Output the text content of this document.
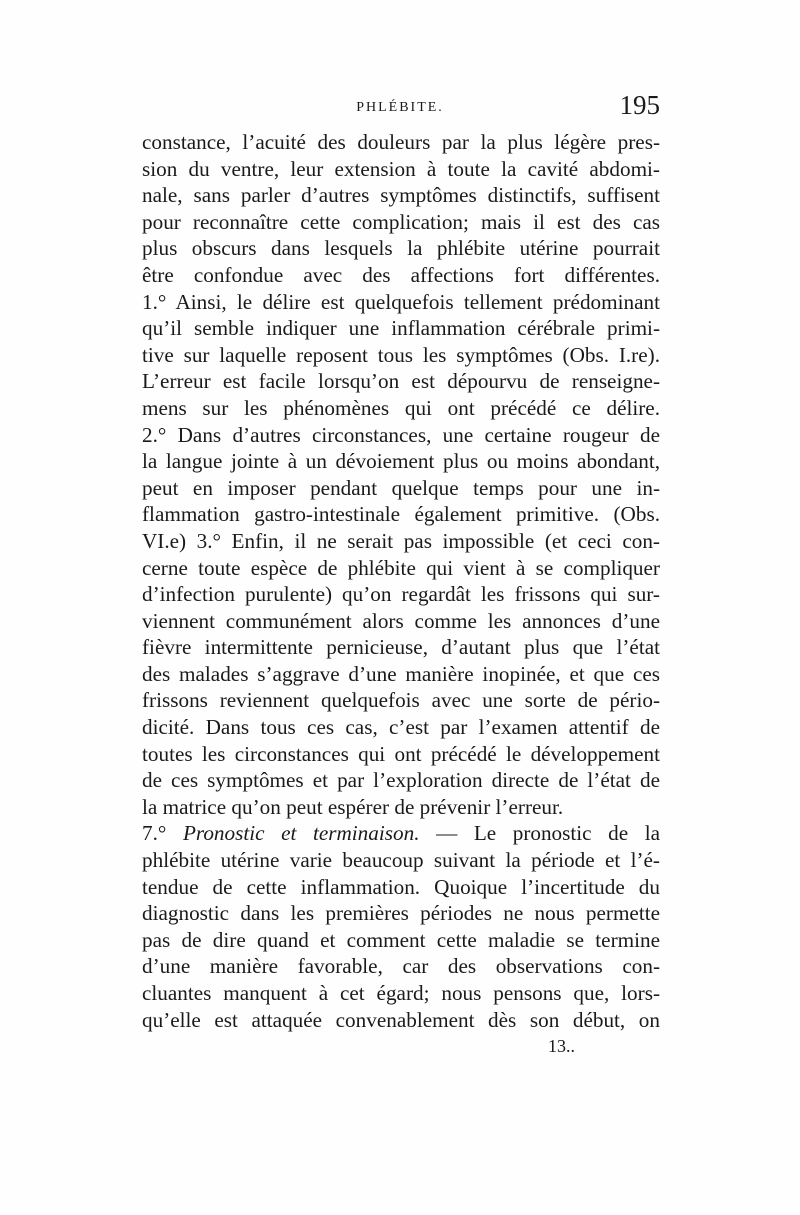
PHLÉBITE.	195
constance, l’acuité des douleurs par la plus légère pres-
sion du ventre, leur extension à toute la cavité abdomi-
nale, sans parler d’autres symptômes distinctifs, suffisent
pour reconnaître cette complication; mais il est des cas
plus obscurs dans lesquels la phlébite utérine pourrait
être confondue avec des affections fort différentes.
1.° Ainsi, le délire est quelquefois tellement prédominant
qu’il semble indiquer une inflammation cérébrale primi-
tive sur laquelle reposent tous les symptômes (Obs. I.re).
L’erreur est facile lorsqu’on est dépourvu de renseigne-
mens sur les phénomènes qui ont précédé ce délire.
2.° Dans d’autres circonstances, une certaine rougeur de
la langue jointe à un dévoiement plus ou moins abondant,
peut en imposer pendant quelque temps pour une in-
flammation gastro-intestinale également primitive. (Obs.
VI.e) 3.° Enfin, il ne serait pas impossible (et ceci con-
cerne toute espèce de phlébite qui vient à se compliquer
d’infection purulente) qu’on regardât les frissons qui sur-
viennent communément alors comme les annonces d’une
fièvre intermittente pernicieuse, d’autant plus que l’état
des malades s’aggrave d’une manière inopinée, et que ces
frissons reviennent quelquefois avec une sorte de pério-
dicité. Dans tous ces cas, c’est par l’examen attentif de
toutes les circonstances qui ont précédé le développement
de ces symptômes et par l’exploration directe de l’état de
la matrice qu’on peut espérer de prévenir l’erreur.
7.° Pronostic et terminaison. — Le pronostic de la
phlébite utérine varie beaucoup suivant la période et l’é-
tendue de cette inflammation. Quoique l’incertitude du
diagnostic dans les premières périodes ne nous permette
pas de dire quand et comment cette maladie se termine
d’une manière favorable, car des observations con-
cluantes manquent à cet égard; nous pensons que, lors-
qu’elle est attaquée convenablement dès son début, on
13..
